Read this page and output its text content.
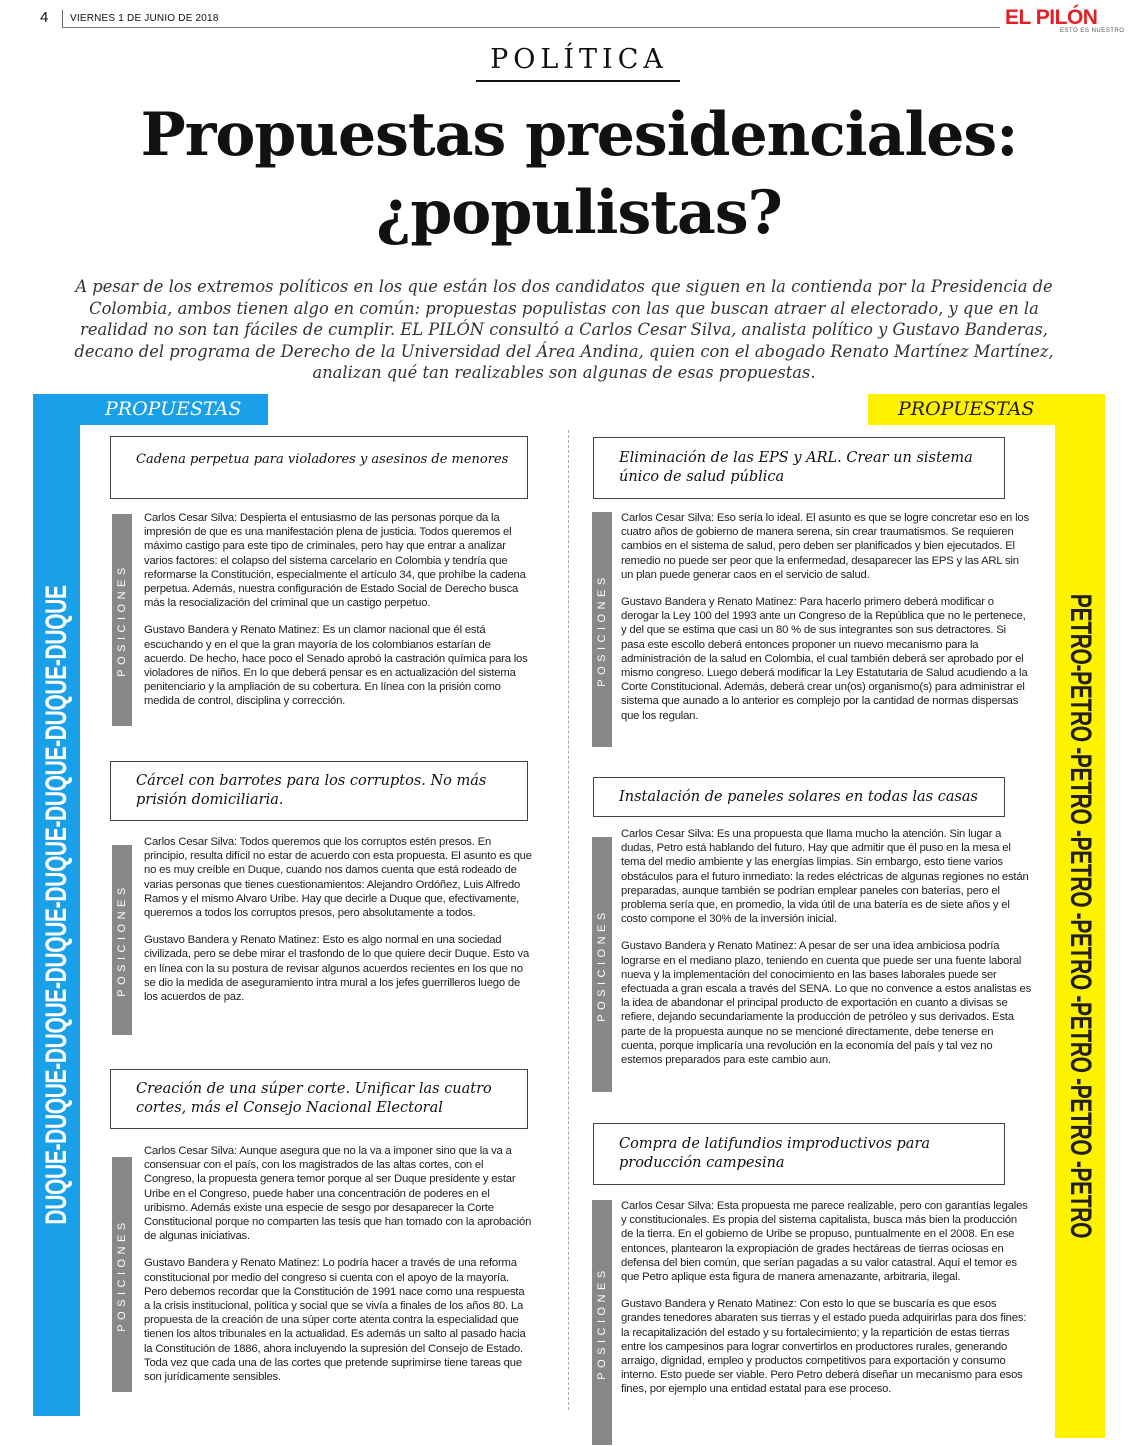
4 VIERNES 1 DE JUNIO DE 2018	EL PILÓN
ESTO ES NUESTRO
POLÍTICA
Propuestas presidenciales:
¿populistas?

A pesar de los extremos políticos en los que están los dos candidatos que siguen en la contienda por la Presidencia de Colombia, ambos tienen algo en común: propuestas populistas con las que buscan atraer al electorado, y que en la realidad no son tan fáciles de cumplir. EL PILÓN consultó a Carlos Cesar Silva, analista político y Gustavo Banderas, decano del programa de Derecho de la Universidad del Área Andina, quien con el abogado Renato Martínez Martínez, analizan qué tan realizables son algunas de esas propuestas.

DUQUE-DUQUE-DUQUE-DUQUE-DUQUE-DUQUE-DUQUE-DUQUE	PETRO-PETRO -PETRO -PETRO -PETRO -PETRO -PETRO -PETRO
PROPUESTAS	PROPUESTAS
Cadena perpetua para violadores y asesinos de menores
POSICIONES

Carlos Cesar Silva: Despierta el entusiasmo de las personas porque da la impresión de que es una manifestación plena de justicia. Todos queremos el máximo castigo para este tipo de criminales, pero hay que entrar a analizar varios factores: el colapso del sistema carcelario en Colombia y tendría que reformarse la Constitución, especialmente el artículo 34, que prohíbe la cadena perpetua. Además, nuestra configuración de Estado Social de Derecho busca más la resocialización del criminal que un castigo perpetuo.

Gustavo Bandera y Renato Matinez: Es un clamor nacional que él está escuchando y en el que la gran mayoría de los colombianos estarían de acuerdo. De hecho, hace poco el Senado aprobó la castración química para los violadores de niños. En lo que deberá pensar es en actualización del sistema penitenciario y la ampliación de su cobertura. En línea con la prisión como medida de control, disciplina y corrección.

Cárcel con barrotes para los corruptos. No más prisión domiciliaria.
POSICIONES

Carlos Cesar Silva: Todos queremos que los corruptos estén presos. En principio, resulta difícil no estar de acuerdo con esta propuesta. El asunto es que no es muy creíble en Duque, cuando nos damos cuenta que está rodeado de varias personas que tienes cuestionamientos: Alejandro Ordóñez, Luis Alfredo Ramos y el mismo Alvaro Uribe. Hay que decirle a Duque que, efectivamente, queremos a todos los corruptos presos, pero absolutamente a todos.

Gustavo Bandera y Renato Matinez: Esto es algo normal en una sociedad civilizada, pero se debe mirar el trasfondo de lo que quiere decir Duque. Esto va en línea con la su postura de revisar algunos acuerdos recientes en los que no se dio la medida de aseguramiento intra mural a los jefes guerrilleros luego de los acuerdos de paz.

Creación de una súper corte. Unificar las cuatro cortes, más el Consejo Nacional Electoral
POSICIONES

Carlos Cesar Silva: Aunque asegura que no la va a imponer sino que la va a consensuar con el país, con los magistrados de las altas cortes, con el Congreso, la propuesta genera temor porque al ser Duque presidente y estar Uribe en el Congreso, puede haber una concentración de poderes en el uribismo. Además existe una especie de sesgo por desaparecer la Corte Constitucional porque no comparten las tesis que han tomado con la aprobación de algunas iniciativas.

Gustavo Bandera y Renato Matinez: Lo podría hacer a través de una reforma constitucional por medio del congreso si cuenta con el apoyo de la mayoría. Pero debemos recordar que la Constitución de 1991 nace como una respuesta a la crisis institucional, política y social que se vivía a finales de los años 80. La propuesta de la creación de una súper corte atenta contra la especialidad que tienen los altos tribunales en la actualidad. Es además un salto al pasado hacia la Constitución de 1886, ahora incluyendo la supresión del Consejo de Estado. Toda vez que cada una de las cortes que pretende suprimirse tiene tareas que son jurídicamente sensibles.

Eliminación de las EPS y ARL. Crear un sistema único de salud pública
POSICIONES

Carlos Cesar Silva: Eso sería lo ideal. El asunto es que se logre concretar eso en los cuatro años de gobierno de manera serena, sin crear traumatismos. Se requieren cambios en el sistema de salud, pero deben ser planificados y bien ejecutados. El remedio no puede ser peor que la enfermedad, desaparecer las EPS y las ARL sin un plan puede generar caos en el servicio de salud.

Gustavo Bandera y Renato Matinez: Para hacerlo primero deberá modificar o derogar la Ley 100 del 1993 ante un Congreso de la República que no le pertenece, y del que se estima que casi un 80 % de sus integrantes son sus detractores. Si pasa este escollo deberá entonces proponer un nuevo mecanismo para la administración de la salud en Colombia, el cual también deberá ser aprobado por el mismo congreso. Luego deberá modificar la Ley Estatutaria de Salud acudiendo a la Corte Constitucional. Además, deberá crear un(os) organismo(s) para administrar el sistema que aunado a lo anterior es complejo por la cantidad de normas dispersas que los regulan.

Instalación de paneles solares en todas las casas
POSICIONES

Carlos Cesar Silva: Es una propuesta que llama mucho la atención. Sin lugar a dudas, Petro está hablando del futuro. Hay que admitir que él puso en la mesa el tema del medio ambiente y las energías limpias. Sin embargo, esto tiene varios obstáculos para el futuro inmediato: la redes eléctricas de algunas regiones no están preparadas, aunque también se podrían emplear paneles con baterías, pero el problema sería que, en promedio, la vida útil de una batería es de siete años y el costo compone el 30% de la inversión inicial.

Gustavo Bandera y Renato Matinez: A pesar de ser una idea ambiciosa podría lograrse en el mediano plazo, teniendo en cuenta que puede ser una fuente laboral nueva y la implementación del conocimiento en las bases laborales puede ser efectuada a gran escala a través del SENA. Lo que no convence a estos analistas es la idea de abandonar el principal producto de exportación en cuanto a divisas se refiere, dejando secundariamente la producción de petróleo y sus derivados. Esta parte de la propuesta aunque no se mencioné directamente, debe tenerse en cuenta, porque implicaría una revolución en la economía del país y tal vez no estemos preparados para este cambio aun.

Compra de latifundios improductivos para producción campesina
POSICIONES

Carlos Cesar Silva: Esta propuesta me parece realizable, pero con garantías legales y constitucionales. Es propia del sistema capitalista, busca más bien la producción de la tierra. En el gobierno de Uribe se propuso, puntualmente en el 2008. En ese entonces, plantearon la expropiación de grades hectáreas de tierras ociosas en defensa del bien común, que serían pagadas a su valor catastral. Aquí el temor es que Petro aplique esta figura de manera amenazante, arbitraria, ilegal.

Gustavo Bandera y Renato Matinez: Con esto lo que se buscaría es que esos grandes tenedores abaraten sus tierras y el estado pueda adquirirlas para dos fines: la recapitalización del estado y su fortalecimiento; y la repartición de estas tierras entre los campesinos para lograr convertirlos en productores rurales, generando arraigo, dignidad, empleo y productos competitivos para exportación y consumo interno. Esto puede ser viable. Pero Petro deberá diseñar un mecanismo para esos fines, por ejemplo una entidad estatal para ese proceso.
